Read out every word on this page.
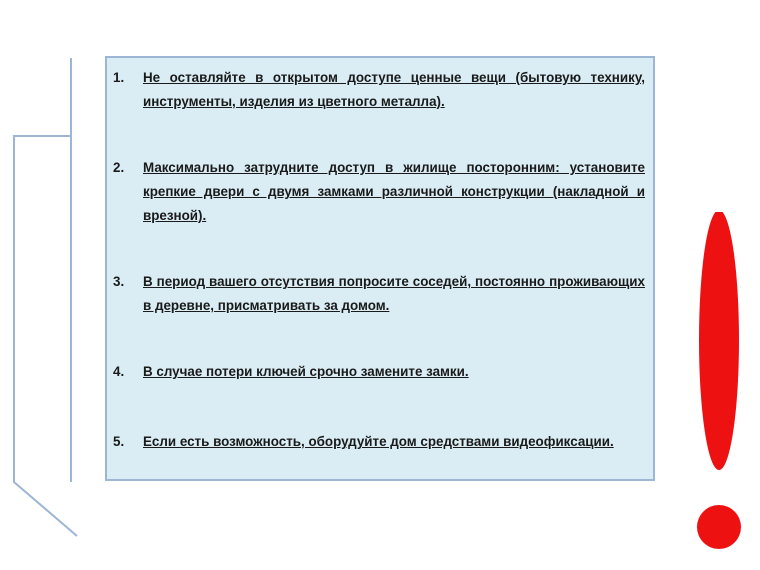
1.	Не оставляйте в открытом доступе ценные вещи (бытовую технику, инструменты, изделия из цветного металла).
2.	Максимально затрудните доступ в жилище посторонним: установите крепкие двери с двумя замками различной конструкции (накладной и врезной).
3.	В период вашего отсутствия попросите соседей, постоянно проживающих в деревне, присматривать за домом.
4.	В случае потери ключей срочно замените замки.
5.	Если есть возможность, оборудуйте дом средствами видеофиксации.
